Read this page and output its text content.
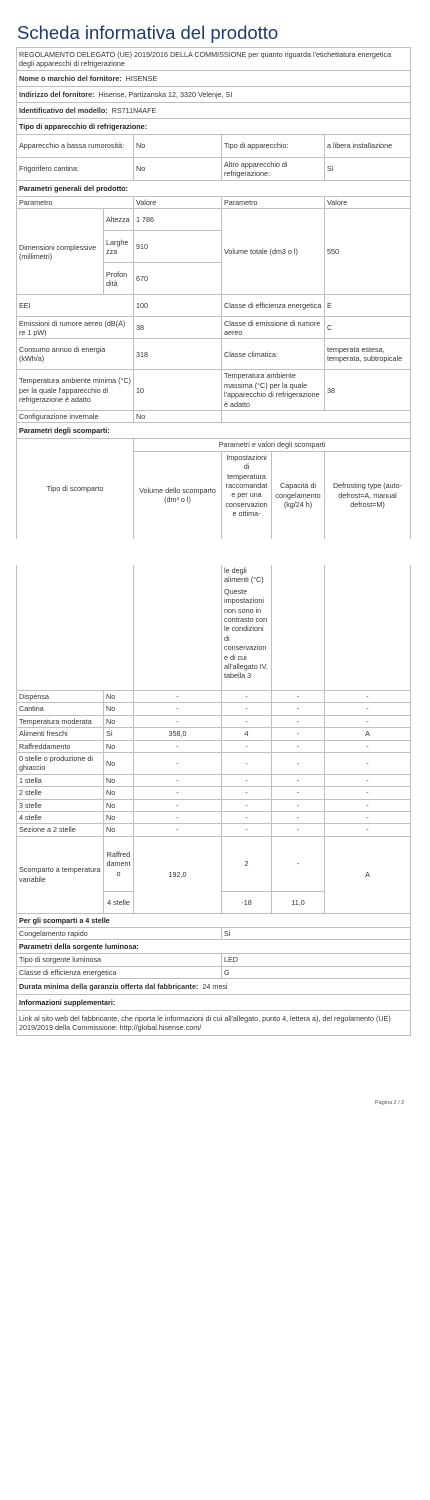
Scheda informativa del prodotto
REGOLAMENTO DELEGATO (UE) 2019/2016 DELLA COMMISSIONE per quanto riguarda l'etichettatura energetica degli apparecchi di refrigerazione				
Nome o marchio del fornitore: HISENSE				
Indirizzo del fornitore: Hisense, Partizanska 12, 3320 Velenje, SI				
Identificativo del modello: RS711N4AFE				
Tipo di apparecchio di refrigerazione:				
Apparecchio a bassa rumorosità:		No	Tipo di apparecchio:	a libera installazione
Frigorifero cantina:		No	Altro apparecchio di refrigerazione:	Sì
Parametri generali del prodotto:				
Parametro		Valore	Parametro	Valore
Dimensioni complessive (millimetri)	Altezza	1 786	Volume totale (dm3 o l)	550
	Larghezza	910		
	Profondità	670		
EEI		100	Classe di efficienza energetica	E
Emissioni di rumore aereo (dB(A) re 1 pW)		38	Classe di emissione di rumore aereo	C
Consumo annuo di energia (kWh/a)		318	Classe climatica:	temperata estesa, temperata, subtropicale
Temperatura ambiente minima (°C) per la quale l'apparecchio di refrigerazione è adatto		10	Temperatura ambiente massima (°C) per la quale l'apparecchio di refrigerazione è adatto	38
Configurazione invernale		No		
Parametri degli scomparti:				
Tipo di scomparto	Parametri e valori degli scomparti			
	Volume dello scomparto (dm³ o l)	Impostazioni di temperatura raccomandate per una conservazione ottima-	Capacità di congelamento (kg/24 h)	Defrosting type (auto-defrost=A, manual defrost=M)

			le degli alimenti (°C)
Queste impostazioni non sono in contrasto con le condizioni di conservazione di cui all'allegato IV, tabella 3		

Dispensa	No	-	-	-	-
Cantina	No	-	-	-	-
Temperatura moderata	No	-	-	-	-
Alimenti freschi	Sì	358,0	4	-	A
Raffreddamento	No	-	-	-	-
0 stelle o produzione di ghiaccio	No	-	-	-	-
1 stella	No	-	-	-	-
2 stelle	No	-	-	-	-
3 stelle	No	-	-	-	-
4 stelle	No	-	-	-	-
Sezione a 2 stelle	No	-	-	-	-
Scomparto a temperatura variabile	Raffreddamento	192,0	2	-	A
	4 stelle		-18	11,0	
Per gli scomparti a 4 stelle					
Congelamento rapido			Sì		
Parametri della sorgente luminosa:					
Tipo di sorgente luminosa			LED		
Classe di efficienza energetica			G		
Durata minima della garanzia offerta dal fabbricante: 24 mesi					
Informazioni supplementari:					
Link al sito web del fabbricante, che riporta le informazioni di cui all'allegato, punto 4, lettera a), del regolamento (UE) 2019/2019 della Commissione: http://global.hisense.com/					
Pagina 2 / 2
